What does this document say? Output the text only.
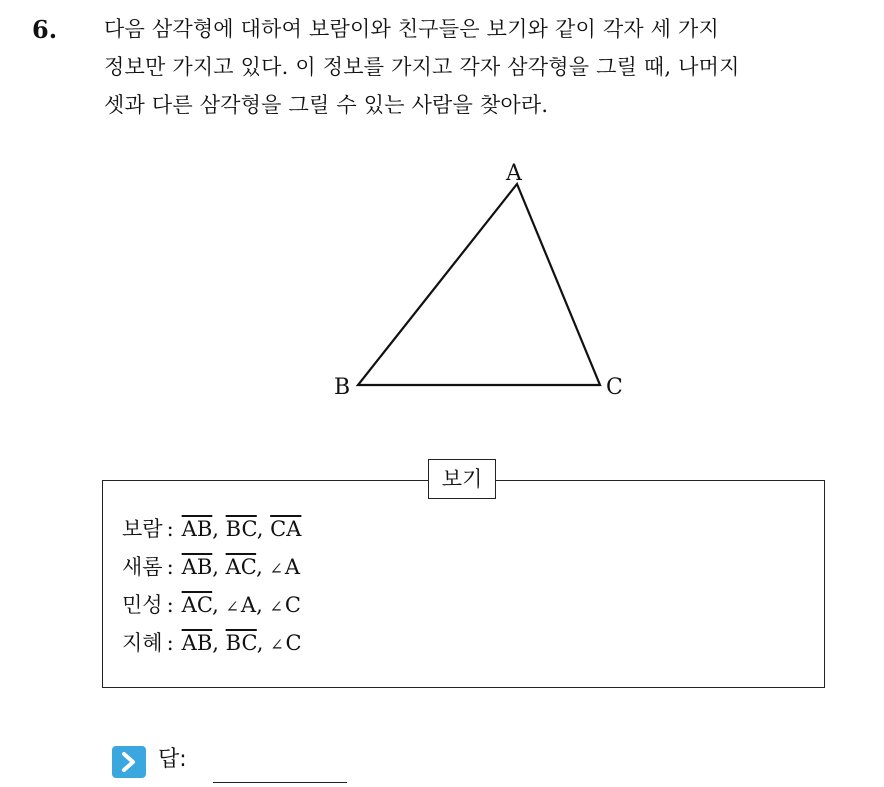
6. 다음 삼각형에 대하여 보람이와 친구들은 보기와 같이 각자 세 가지
정보만 가지고 있다. 이 정보를 가지고 각자 삼각형을 그릴 때, 나머지
셋과 다른 삼각형을 그릴 수 있는 사람을 찾아라.
A
B	C
보기
보람 : $\overline{AB}$, $\overline{BC}$, $\overline{CA}$
새롬 : $\overline{AB}$, $\overline{AC}$, ∠ A
민성 : $\overline{AC}$, ∠ A, ∠ C
지혜 : $\overline{AB}$, $\overline{BC}$, ∠ C
답:
